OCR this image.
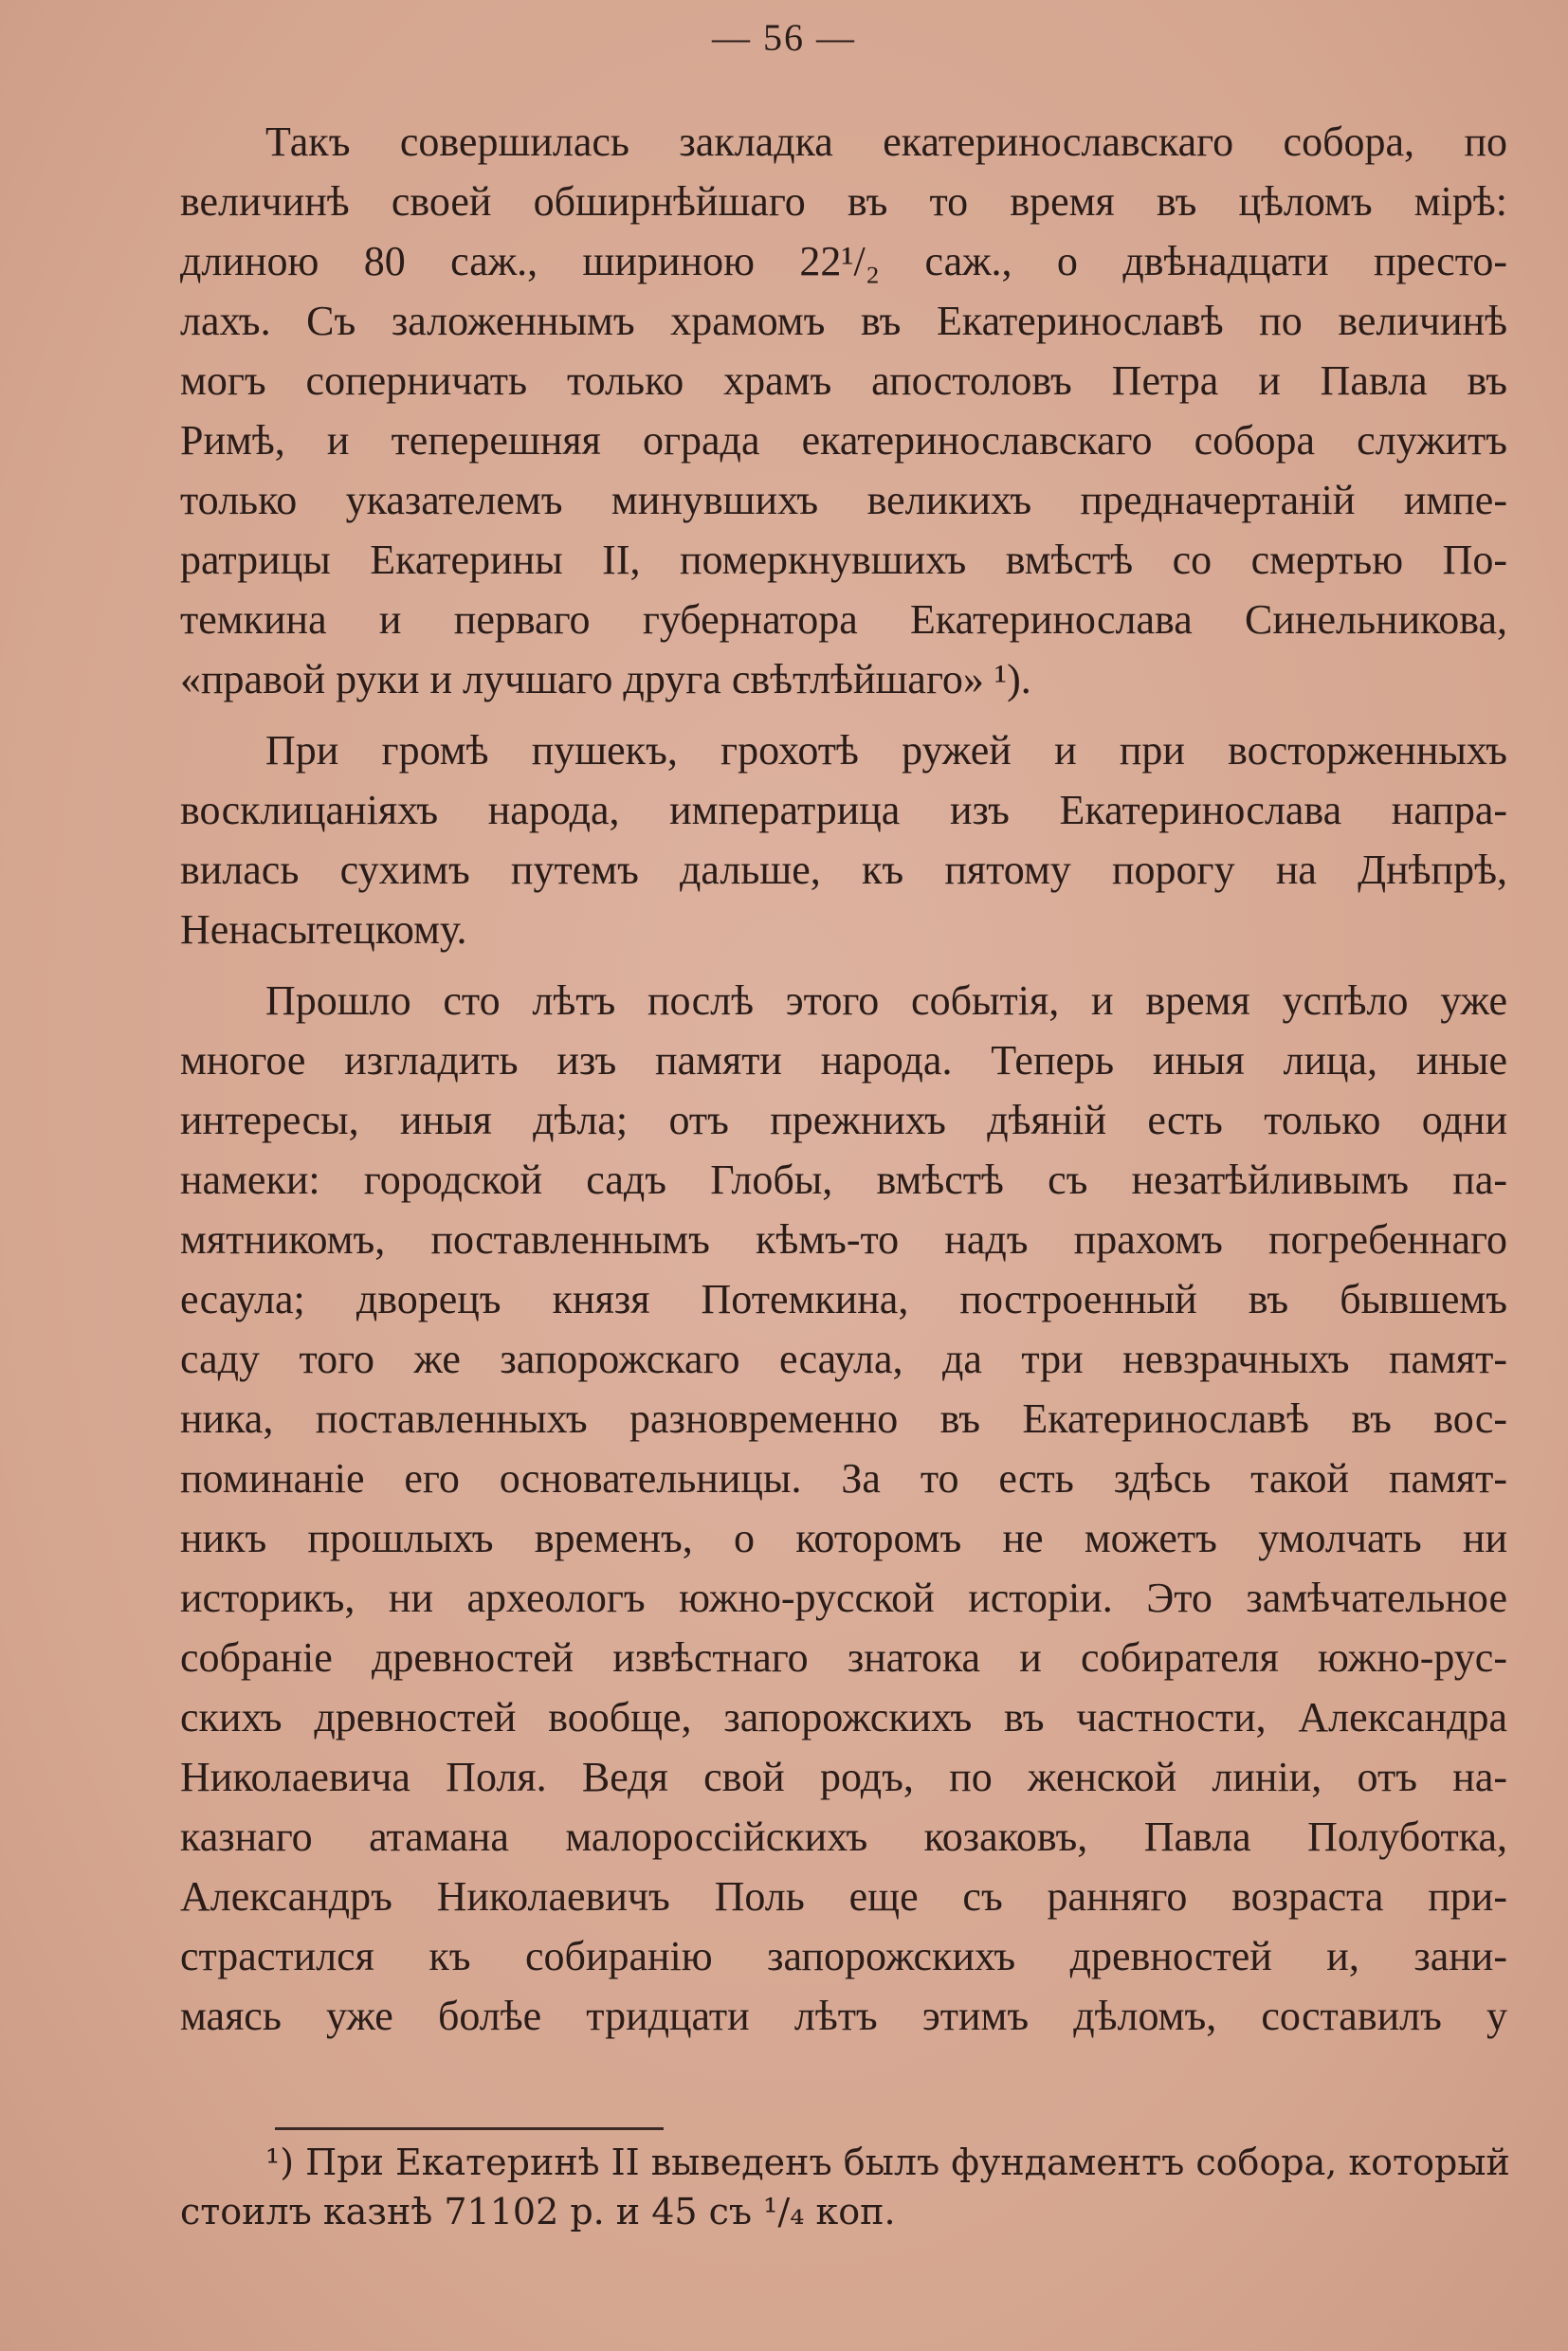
— 56 —
Такъ совершилась закладка екатеринославскаго собора, по
величинѣ своей обширнѣйшаго въ то время въ цѣломъ мірѣ:
длиною 80 саж., шириною 22¹/₂ саж., о двѣнадцати престо-
лахъ. Съ заложеннымъ храмомъ въ Екатеринославѣ по величинѣ
могъ соперничать только храмъ апостоловъ Петра и Павла въ
Римѣ, и теперешняя ограда екатеринославскаго собора служитъ
только указателемъ минувшихъ великихъ предначертаній импе-
ратрицы Екатерины II, померкнувшихъ вмѣстѣ со смертью По-
темкина и перваго губернатора Екатеринослава Синельникова,
«правой руки и лучшаго друга свѣтлѣйшаго» ¹).
При громѣ пушекъ, грохотѣ ружей и при восторженныхъ
восклицаніяхъ народа, императрица изъ Екатеринослава напра-
вилась сухимъ путемъ дальше, къ пятому порогу на Днѣпрѣ,
Ненасытецкому.
Прошло сто лѣтъ послѣ этого событія, и время успѣло уже
многое изгладить изъ памяти народа. Теперь иныя лица, иные
интересы, иныя дѣла; отъ прежнихъ дѣяній есть только одни
намеки: городской садъ Глобы, вмѣстѣ съ незатѣйливымъ па-
мятникомъ, поставленнымъ кѣмъ-то надъ прахомъ погребеннаго
есаула; дворецъ князя Потемкина, построенный въ бывшемъ
саду того же запорожскаго есаула, да три невзрачныхъ памят-
ника, поставленныхъ разновременно въ Екатеринославѣ въ вос-
поминаніе его основательницы. За то есть здѣсь такой памят-
никъ прошлыхъ временъ, о которомъ не можетъ умолчать ни
историкъ, ни археологъ южно-русской исторіи. Это замѣчательное
собраніе древностей извѣстнаго знатока и собирателя южно-рус-
скихъ древностей вообще, запорожскихъ въ частности, Александра
Николаевича Поля. Ведя свой родъ, по женской линіи, отъ на-
казнаго атамана малороссійскихъ козаковъ, Павла Полуботка,
Александръ Николаевичъ Поль еще съ ранняго возраста при-
страстился къ собиранію запорожскихъ древностей и, зани-
маясь уже болѣе тридцати лѣтъ этимъ дѣломъ, составилъ у
¹) При Екатеринѣ II выведенъ былъ фундаментъ собора, который
стоилъ казнѣ 71102 р. и 45 съ ¹/₄ коп.
